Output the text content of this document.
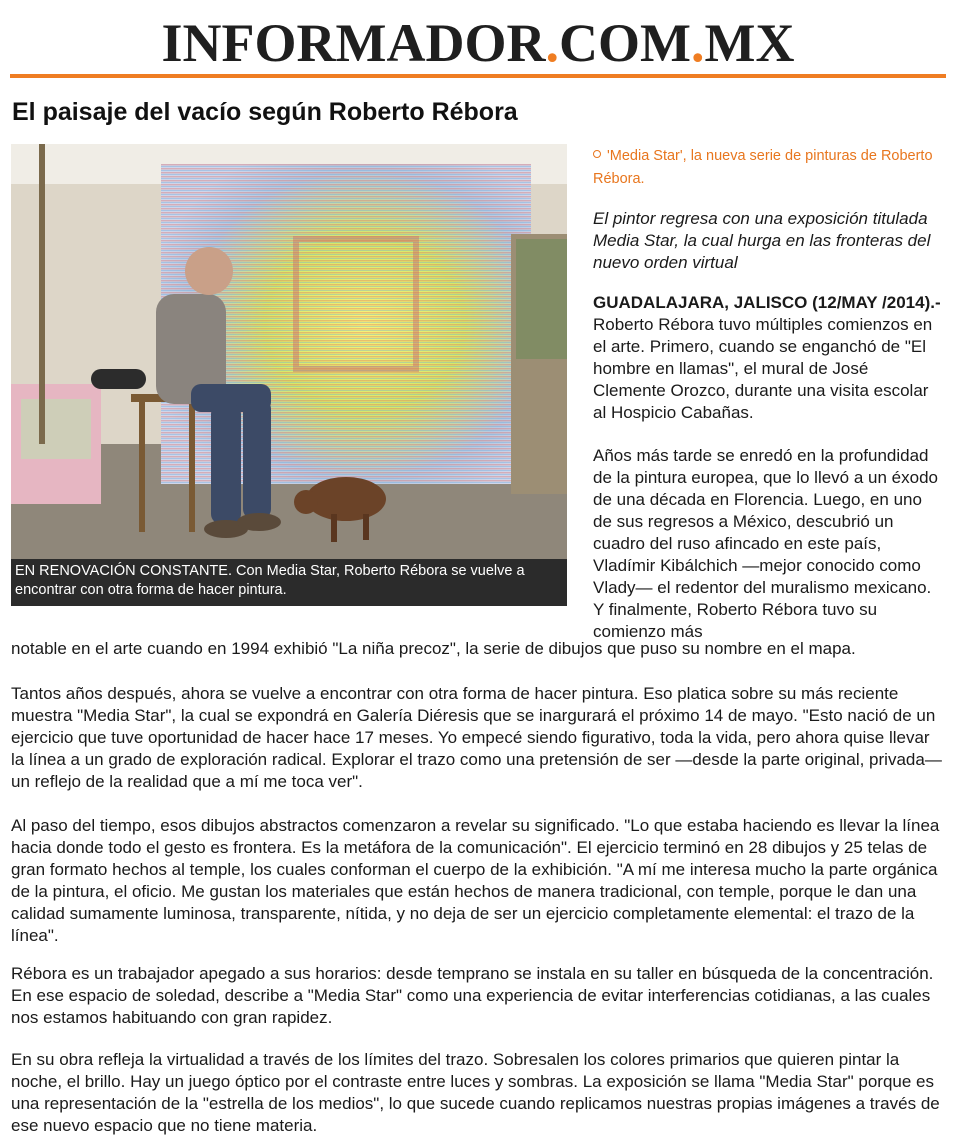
INFORMADOR.COM.MX
El paisaje del vacío según Roberto Rébora
EN RENOVACIÓN CONSTANTE. Con Media Star, Roberto Rébora se vuelve a encontrar con otra forma de hacer pintura.
'Media Star', la nueva serie de pinturas de Roberto Rébora.
El pintor regresa con una exposición titulada Media Star, la cual hurga en las fronteras del nuevo orden virtual

GUADALAJARA, JALISCO (12/MAY /2014).- Roberto Rébora tuvo múltiples comienzos en el arte. Primero, cuando se enganchó de "El hombre en llamas", el mural de José Clemente Orozco, durante una visita escolar al Hospicio Cabañas.

Años más tarde se enredó en la profundidad de la pintura europea, que lo llevó a un éxodo de una década en Florencia. Luego, en uno de sus regresos a México, descubrió un cuadro del ruso afincado en este país, Vladímir Kibálchich —mejor conocido como Vlady— el redentor del muralismo mexicano. Y finalmente, Roberto Rébora tuvo su comienzo más
notable en el arte cuando en 1994 exhibió "La niña precoz", la serie de dibujos que puso su nombre en el mapa.
Tantos años después, ahora se vuelve a encontrar con otra forma de hacer pintura. Eso platica sobre su más reciente muestra "Media Star", la cual se expondrá en Galería Diéresis que se inargurará el próximo 14 de mayo. "Esto nació de un ejercicio que tuve oportunidad de hacer hace 17 meses. Yo empecé siendo figurativo, toda la vida, pero ahora quise llevar la línea a un grado de exploración radical. Explorar el trazo como una pretensión de ser —desde la parte original, privada— un reflejo de la realidad que a mí me toca ver".
Al paso del tiempo, esos dibujos abstractos comenzaron a revelar su significado. "Lo que estaba haciendo es llevar la línea hacia donde todo el gesto es frontera. Es la metáfora de la comunicación". El ejercicio terminó en 28 dibujos y 25 telas de gran formato hechos al temple, los cuales conforman el cuerpo de la exhibición. "A mí me interesa mucho la parte orgánica de la pintura, el oficio. Me gustan los materiales que están hechos de manera tradicional, con temple, porque le dan una calidad sumamente luminosa, transparente, nítida, y no deja de ser un ejercicio completamente elemental: el trazo de la línea".
Rébora es un trabajador apegado a sus horarios: desde temprano se instala en su taller en búsqueda de la concentración. En ese espacio de soledad, describe a "Media Star" como una experiencia de evitar interferencias cotidianas, a las cuales nos estamos habituando con gran rapidez.
En su obra refleja la virtualidad a través de los límites del trazo. Sobresalen los colores primarios que quieren pintar la noche, el brillo. Hay un juego óptico por el contraste entre luces y sombras. La exposición se llama "Media Star" porque es una representación de la "estrella de los medios", lo que sucede cuando replicamos nuestras propias imágenes a través de ese nuevo espacio que no tiene materia.
